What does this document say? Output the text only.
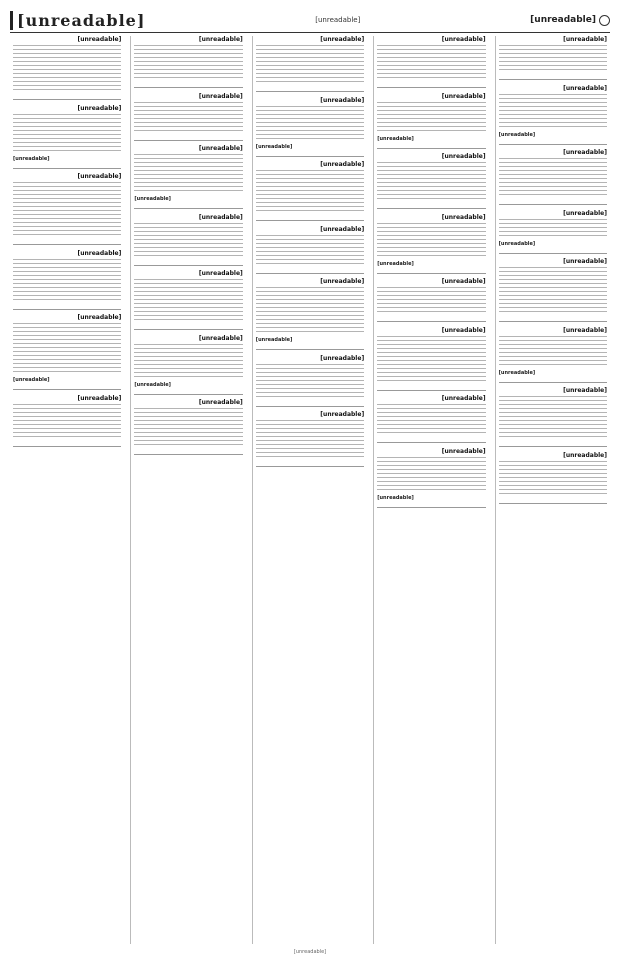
[unreadable]
[unreadable]
[unreadable]
[unreadable]
[unreadable]
[unreadable]
[unreadable]
[unreadable]
[unreadable]
[unreadable]
[unreadable]
[unreadable]
[unreadable]
[unreadable]
[unreadable]
[unreadable]
[unreadable]
[unreadable]
[unreadable]
[unreadable]
[unreadable]
[unreadable]
[unreadable]
[unreadable]
[unreadable]
[unreadable]
[unreadable]
[unreadable]
[unreadable]
[unreadable]
[unreadable]
[unreadable]
[unreadable]
[unreadable]
[unreadable]
[unreadable]
[unreadable]
[unreadable]
[unreadable]
[unreadable]
[unreadable]
[unreadable]
[unreadable]
[unreadable]
[unreadable]
[unreadable]
[unreadable]
[unreadable]
[unreadable]
[unreadable]
[unreadable]
[unreadable]
